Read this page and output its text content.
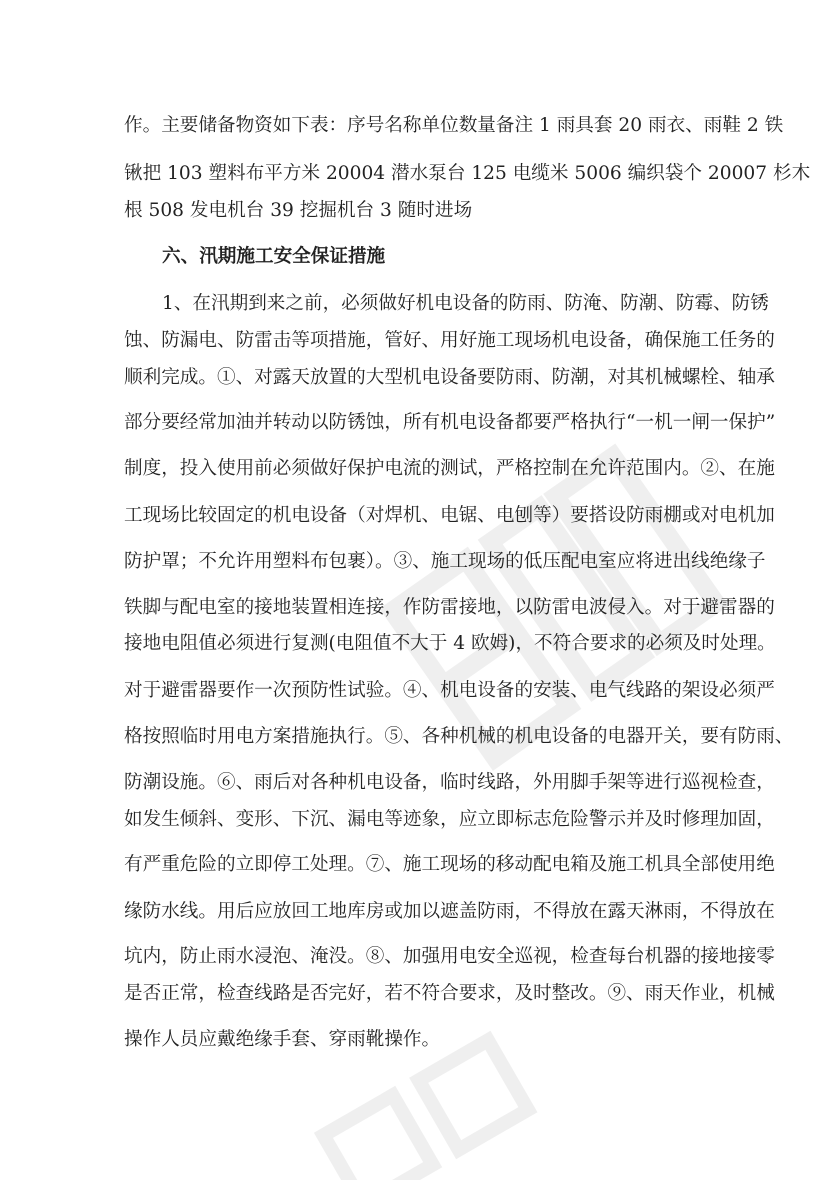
作。主要储备物资如下表：序号名称单位数量备注 1 雨具套 20 雨衣、雨鞋 2 铁
锹把 103 塑料布平方米 20004 潜水泵台 125 电缆米 5006 编织袋个 20007 杉木
根 508 发电机台 39 挖掘机台 3 随时进场
六、汛期施工安全保证措施
1、在汛期到来之前，必须做好机电设备的防雨、防淹、防潮、防霉、防锈
蚀、防漏电、防雷击等项措施，管好、用好施工现场机电设备，确保施工任务的
顺利完成。①、对露天放置的大型机电设备要防雨、防潮，对其机械螺栓、轴承
部分要经常加油并转动以防锈蚀，所有机电设备都要严格执行“一机一闸一保护”
制度，投入使用前必须做好保护电流的测试，严格控制在允许范围内。②、在施
工现场比较固定的机电设备（对焊机、电锯、电刨等）要搭设防雨棚或对电机加
防护罩；不允许用塑料布包裹）。③、施工现场的低压配电室应将进出线绝缘子
铁脚与配电室的接地装置相连接，作防雷接地，以防雷电波侵入。对于避雷器的
接地电阻值必须进行复测(电阻值不大于 4 欧姆)，不符合要求的必须及时处理。
对于避雷器要作一次预防性试验。④、机电设备的安装、电气线路的架设必须严
格按照临时用电方案措施执行。⑤、各种机械的机电设备的电器开关，要有防雨、
防潮设施。⑥、雨后对各种机电设备，临时线路，外用脚手架等进行巡视检查，
如发生倾斜、变形、下沉、漏电等迹象，应立即标志危险警示并及时修理加固，
有严重危险的立即停工处理。⑦、施工现场的移动配电箱及施工机具全部使用绝
缘防水线。用后应放回工地库房或加以遮盖防雨，不得放在露天淋雨，不得放在
坑内，防止雨水浸泡、淹没。⑧、加强用电安全巡视，检查每台机器的接地接零
是否正常，检查线路是否完好，若不符合要求，及时整改。⑨、雨天作业，机械
操作人员应戴绝缘手套、穿雨靴操作。
